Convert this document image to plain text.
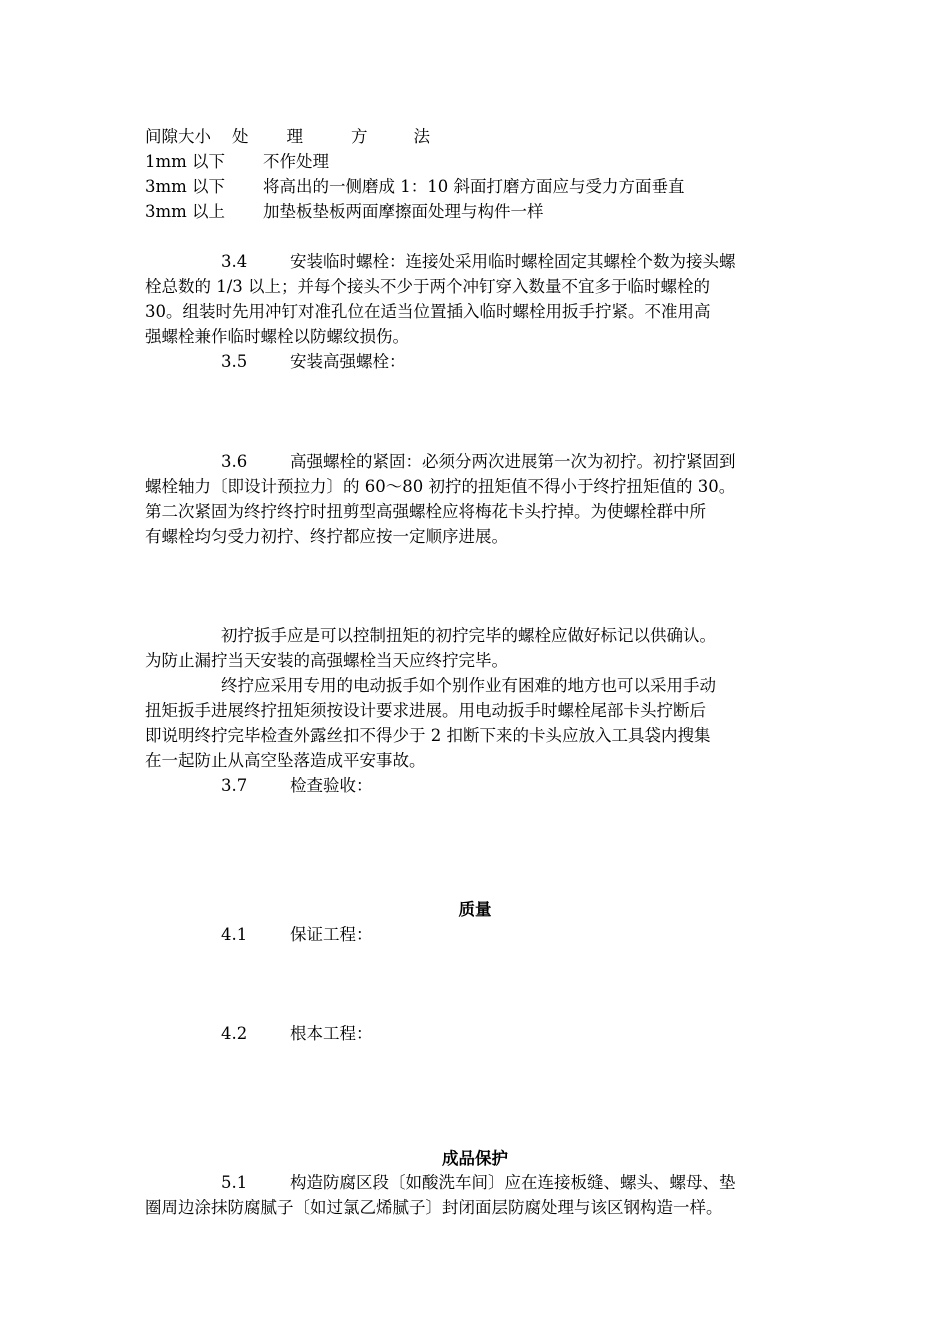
间隙大小 处 理	方	法
1mm 以下 不作处理
3mm 以下 将高出的一侧磨成 1：10 斜面打磨方面应与受力方面垂直
3mm 以上 加垫板垫板两面摩擦面处理与构件一样
3.4	安装临时螺栓：连接处采用临时螺栓固定其螺栓个数为接头螺
栓总数的 1/3 以上；并每个接头不少于两个冲钉穿入数量不宜多于临时螺栓的
30。组装时先用冲钉对准孔位在适当位置插入临时螺栓用扳手拧紧。不准用高
强螺栓兼作临时螺栓以防螺纹损伤。
3.5	安装高强螺栓：
3.6	高强螺栓的紧固：必须分两次进展第一次为初拧。初拧紧固到
螺栓轴力〔即设计预拉力〕的 60～80 初拧的扭矩值不得小于终拧扭矩值的 30。
第二次紧固为终拧终拧时扭剪型高强螺栓应将梅花卡头拧掉。为使螺栓群中所
有螺栓均匀受力初拧、终拧都应按一定顺序进展。
初拧扳手应是可以控制扭矩的初拧完毕的螺栓应做好标记以供确认。
为防止漏拧当天安装的高强螺栓当天应终拧完毕。
终拧应采用专用的电动扳手如个别作业有困难的地方也可以采用手动
扭矩扳手进展终拧扭矩须按设计要求进展。用电动扳手时螺栓尾部卡头拧断后
即说明终拧完毕检查外露丝扣不得少于 2 扣断下来的卡头应放入工具袋内搜集
在一起防止从高空坠落造成平安事故。
3.7	检查验收：
质量
4.1	保证工程：
4.2	根本工程：
成品保护
5.1	构造防腐区段〔如酸洗车间〕应在连接板缝、螺头、螺母、垫
圈周边涂抹防腐腻子〔如过氯乙烯腻子〕封闭面层防腐处理与该区钢构造一样。
